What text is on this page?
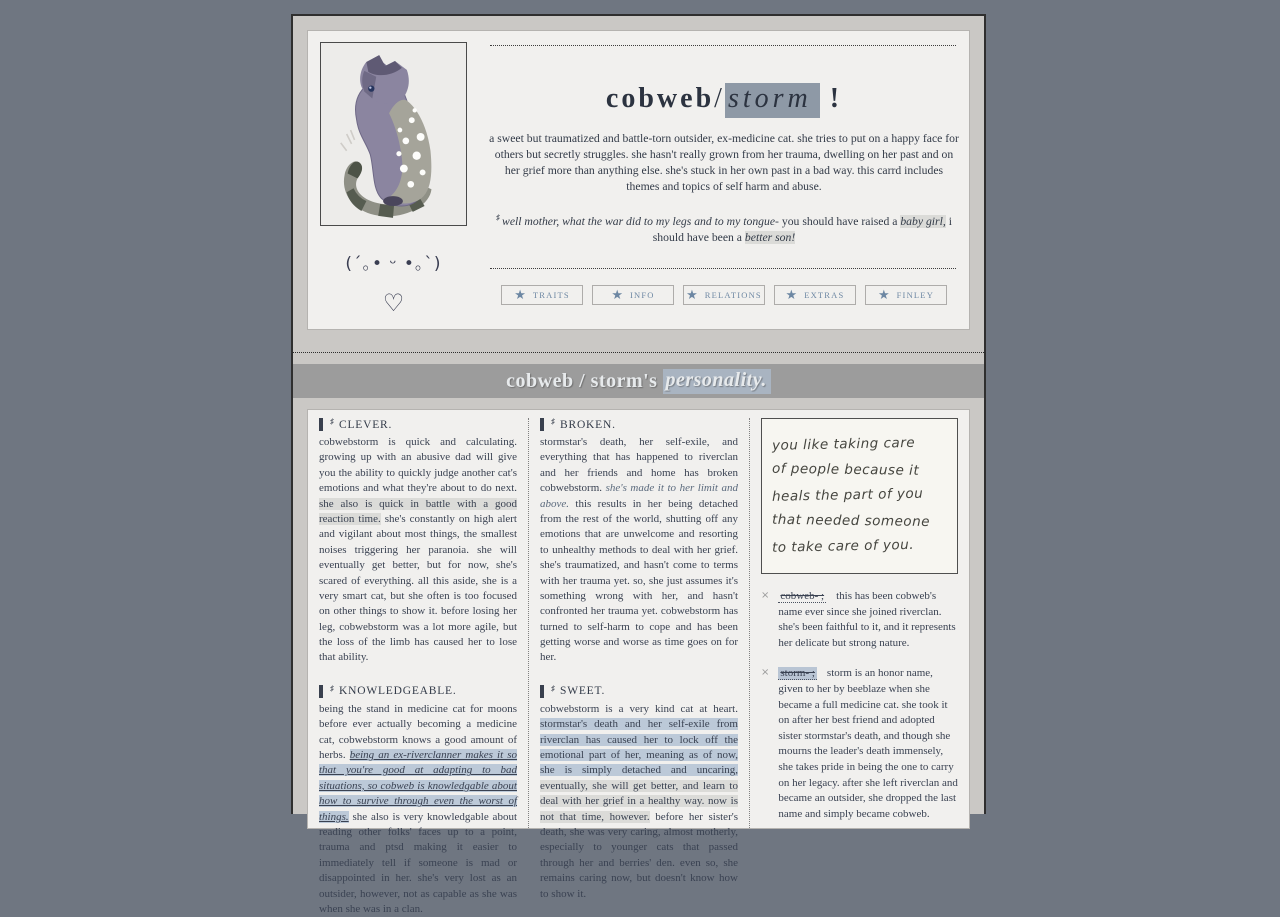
(´｡• ᵕ •｡`)
♡
cobweb/ storm !
a sweet but traumatized and battle-torn outsider, ex-medicine cat. she tries to put on a happy face for others but secretly struggles. she hasn't really grown from her trauma, dwelling on her past and on her grief more than anything else. she's stuck in her own past in a bad way. this carrd includes themes and topics of self harm and abuse.
♯ well mother, what the war did to my legs and to my tongue- you should have raised a baby girl, i should have been a better son!
★ TRAITS	★ INFO ★ RELATIONS ★ EXTRAS	★ FINLEY
cobweb / storm's personality.
♯ CLEVER.
cobwebstorm is quick and calculating. growing up with an abusive dad will give you the ability to quickly judge another cat's emotions and what they're about to do next. she also is quick in battle with a good reaction time. she's constantly on high alert and vigilant about most things, the smallest noises triggering her paranoia. she will eventually get better, but for now, she's scared of everything. all this aside, she is a very smart cat, but she often is too focused on other things to show it. before losing her leg, cobwebstorm was a lot more agile, but the loss of the limb has caused her to lose that ability.
♯ KNOWLEDGEABLE.
being the stand in medicine cat for moons before ever actually becoming a medicine cat, cobwebstorm knows a good amount of herbs. being an ex-riverclanner makes it so that you're good at adapting to bad situations, so cobweb is knowledgable about how to survive through even the worst of things. she also is very knowledgable about reading other folks' faces up to a point, trauma and ptsd making it easier to immediately tell if someone is mad or disappointed in her. she's very lost as an outsider, however, not as capable as she was when she was in a clan.
♯ BROKEN.
stormstar's death, her self-exile, and everything that has happened to riverclan and her friends and home has broken cobwebstorm. she's made it to her limit and above. this results in her being detached from the rest of the world, shutting off any emotions that are unwelcome and resorting to unhealthy methods to deal with her grief. she's traumatized, and hasn't come to terms with her trauma yet. so, she just assumes it's something wrong with her, and hasn't confronted her trauma yet. cobwebstorm has turned to self-harm to cope and has been getting worse and worse as time goes on for her.
♯ SWEET.
cobwebstorm is a very kind cat at heart. stormstar's death and her self-exile from riverclan has caused her to lock off the emotional part of her, meaning as of now, she is simply detached and uncaring, eventually, she will get better, and learn to deal with her grief in a healthy way. now is not that time, however. before her sister's death, she was very caring, almost motherly, especially to younger cats that passed through her and berries' den. even so, she remains caring now, but doesn't know how to show it.
you like taking care
of people because it
heals the part of you
that needed someone
to take care of you.
× cobweb- ; this has been cobweb's name ever since she joined riverclan. she's been faithful to it, and it represents her delicate but strong nature.
× storm- ; storm is an honor name, given to her by beeblaze when she became a full medicine cat. she took it on after her best friend and adopted sister stormstar's death, and though she mourns the leader's death immensely, she takes pride in being the one to carry on her legacy. after she left riverclan and became an outsider, she dropped the last name and simply became cobweb.
